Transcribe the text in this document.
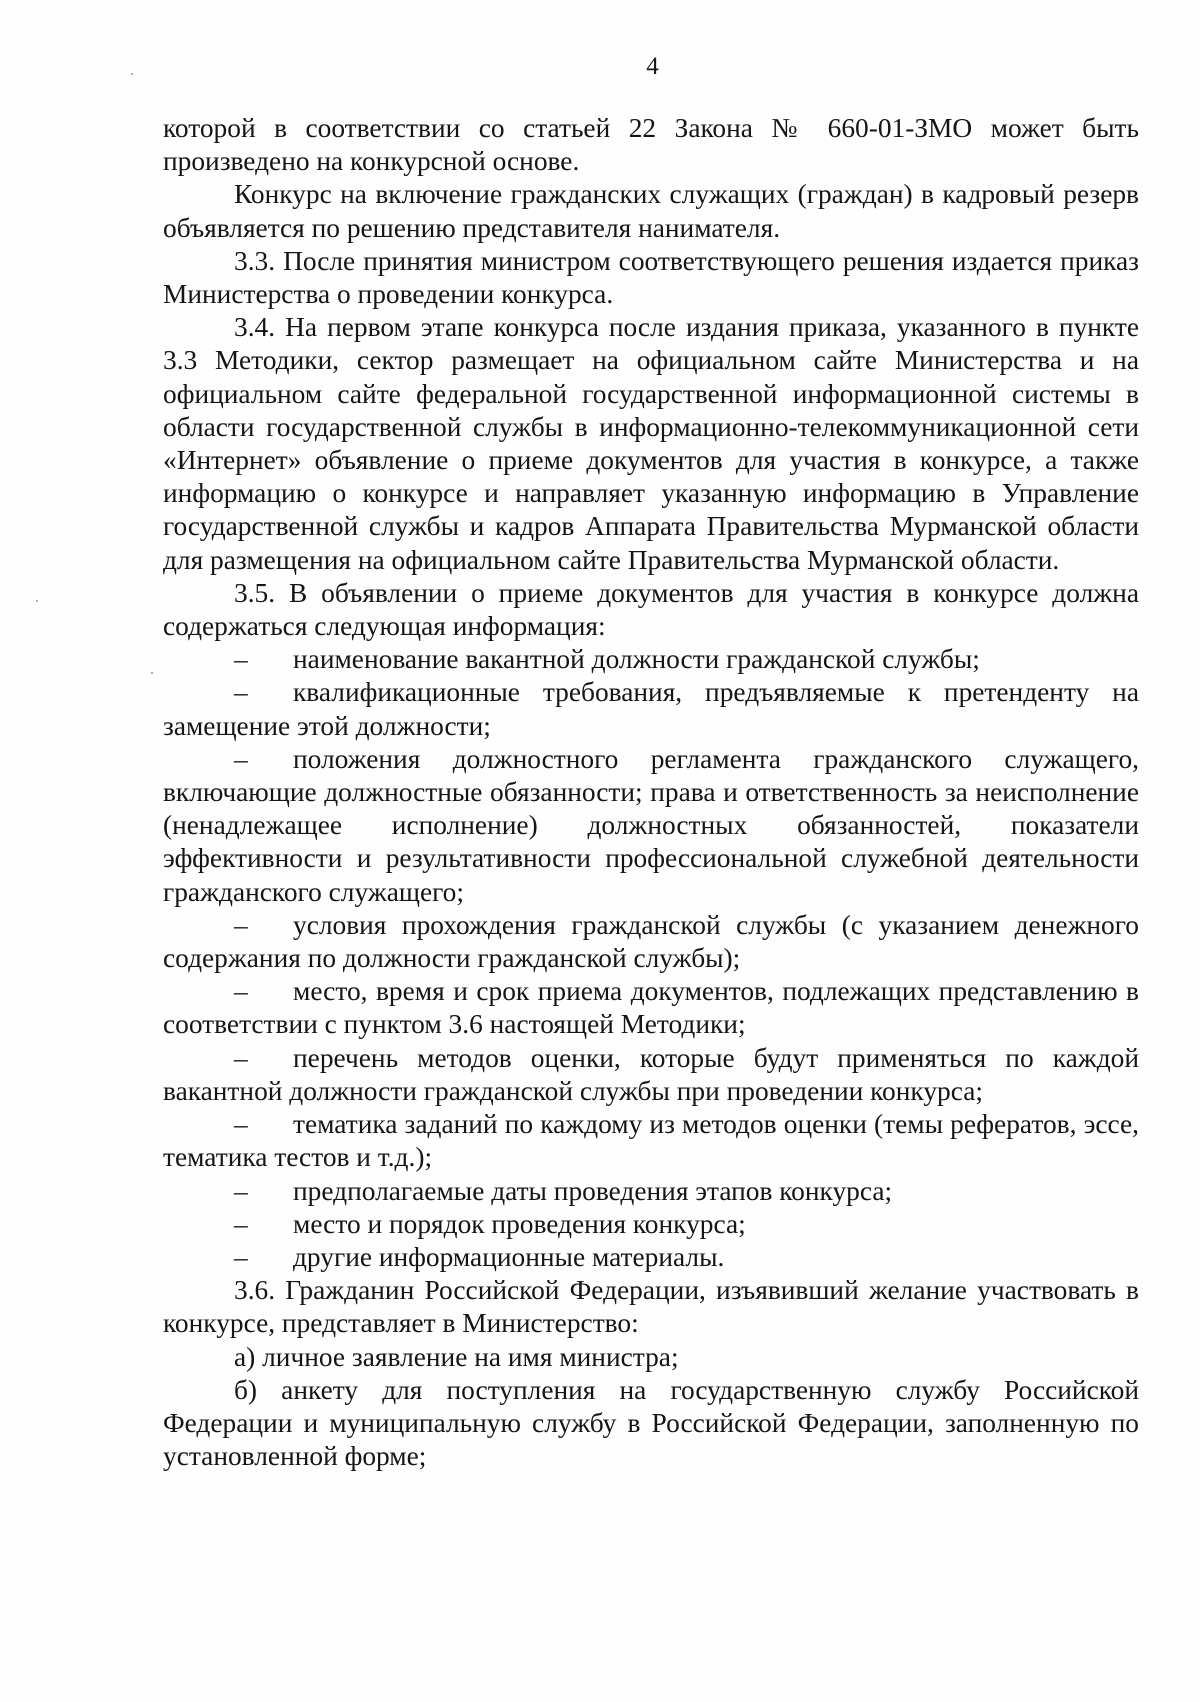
4

которой в соответствии со статьей 22 Закона № 660-01-ЗМО может быть произведено на конкурсной основе.

Конкурс на включение гражданских служащих (граждан) в кадровый резерв объявляется по решению представителя нанимателя.

3.3. После принятия министром соответствующего решения издается приказ Министерства о проведении конкурса.

3.4. На первом этапе конкурса после издания приказа, указанного в пункте 3.3 Методики, сектор размещает на официальном сайте Министерства и на официальном сайте федеральной государственной информационной системы в области государственной службы в информационно-телекоммуникационной сети «Интернет» объявление о приеме документов для участия в конкурсе, а также информацию о конкурсе и направляет указанную информацию в Управление государственной службы и кадров Аппарата Правительства Мурманской области для размещения на официальном сайте Правительства Мурманской области.

3.5. В объявлении о приеме документов для участия в конкурсе должна содержаться следующая информация:

– наименование вакантной должности гражданской службы;

– квалификационные требования, предъявляемые к претенденту на замещение этой должности;

– положения должностного регламента гражданского служащего, включающие должностные обязанности; права и ответственность за неисполнение (ненадлежащее исполнение) должностных обязанностей, показатели эффективности и результативности профессиональной служебной деятельности гражданского служащего;

– условия прохождения гражданской службы (с указанием денежного содержания по должности гражданской службы);

– место, время и срок приема документов, подлежащих представлению в соответствии с пунктом 3.6 настоящей Методики;

– перечень методов оценки, которые будут применяться по каждой вакантной должности гражданской службы при проведении конкурса;

– тематика заданий по каждому из методов оценки (темы рефератов, эссе, тематика тестов и т.д.);

– предполагаемые даты проведения этапов конкурса;

– место и порядок проведения конкурса;

– другие информационные материалы.

3.6. Гражданин Российской Федерации, изъявивший желание участвовать в конкурсе, представляет в Министерство:

а) личное заявление на имя министра;

б) анкету для поступления на государственную службу Российской Федерации и муниципальную службу в Российской Федерации, заполненную по установленной форме;
